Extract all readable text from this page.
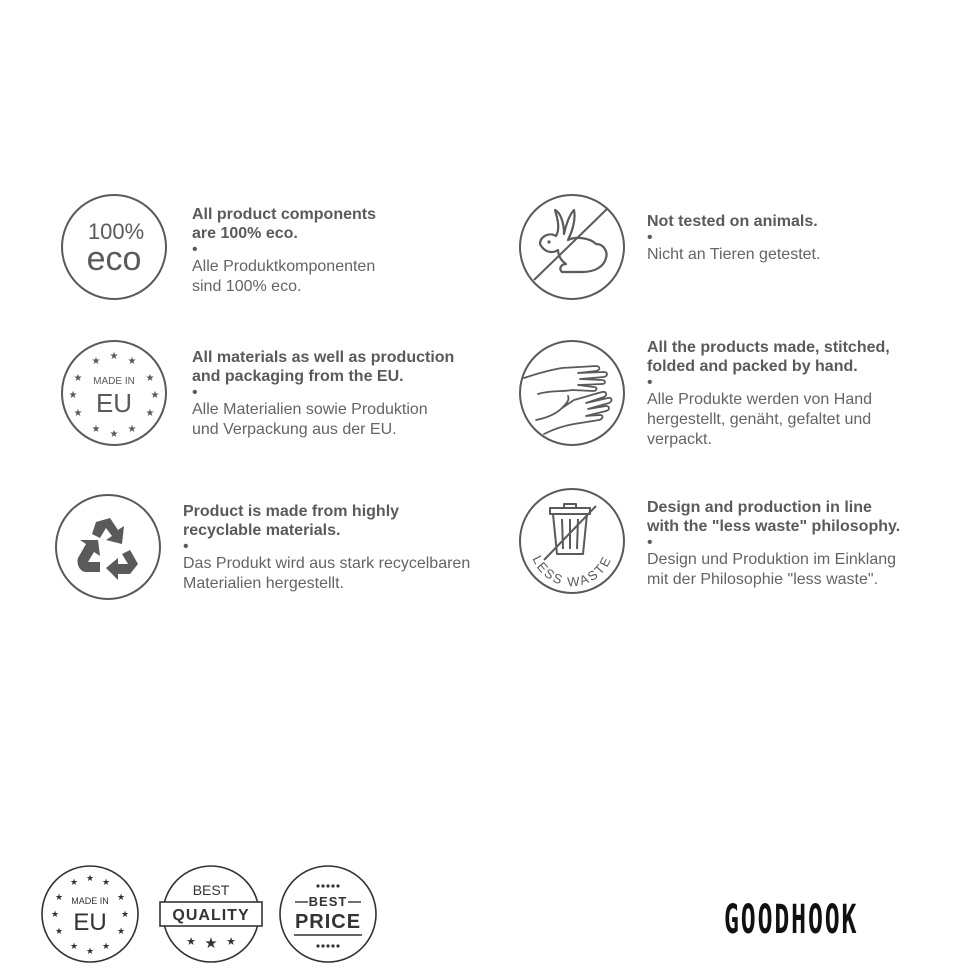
100%
eco
All product components
are 100% eco.
•
Alle Produktkomponenten
sind 100% eco.
Not tested on animals.
•
Nicht an Tieren getestet.
★
★	★
★	★
★	★
★	★
★	★
★
MADE IN
EU
All materials as well as production
and packaging from the EU.
•
Alle Materialien sowie Produktion
und Verpackung aus der EU.
All the products made, stitched,
folded and packed by hand.
•
Alle Produkte werden von Hand
hergestellt, genäht, gefaltet und
verpackt.
Product is made from highly
recyclable materials.
•
Das Produkt wird aus stark recycelbaren
Materialien hergestellt.
LESS WASTE
Design and production in line
with the "less waste" philosophy.
•
Design und Produktion im Einklang
mit der Philosophie "less waste".
★
★	★
★	★
★	★
★	★
★	★
★
MADE IN
EU
BEST
QUALITY
★ ★ ★
BEST
PRICE	GOODHOOK
